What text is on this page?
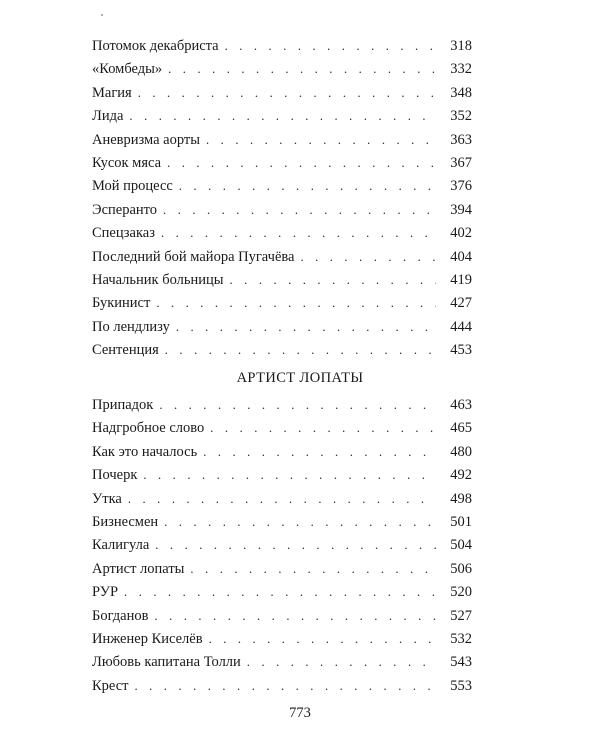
Потомок декабриста . . .	318
«Комбеды» . . .	332
Магия . . .	348
Лида . . .	352
Аневризма аорты . . .	363
Кусок мяса . . .	367
Мой процесс . . .	376
Эсперанто . . .	394
Спецзаказ . . .	402
Последний бой майора Пугачёва . . .	404
Начальник больницы . . .	419
Букинист . . .	427
По лендлизу . . .	444
Сентенция . . .	453
АРТИСТ ЛОПАТЫ
Припадок . . .	463
Надгробное слово . . .	465
Как это началось . . .	480
Почерк . . .	492
Утка . . .	498
Бизнесмен . . .	501
Калигула . . .	504
Артист лопаты . . .	506
РУР . . .	520
Богданов . . .	527
Инженер Киселёв . . .	532
Любовь капитана Толли . . .	543
Крест . . .	553
773
